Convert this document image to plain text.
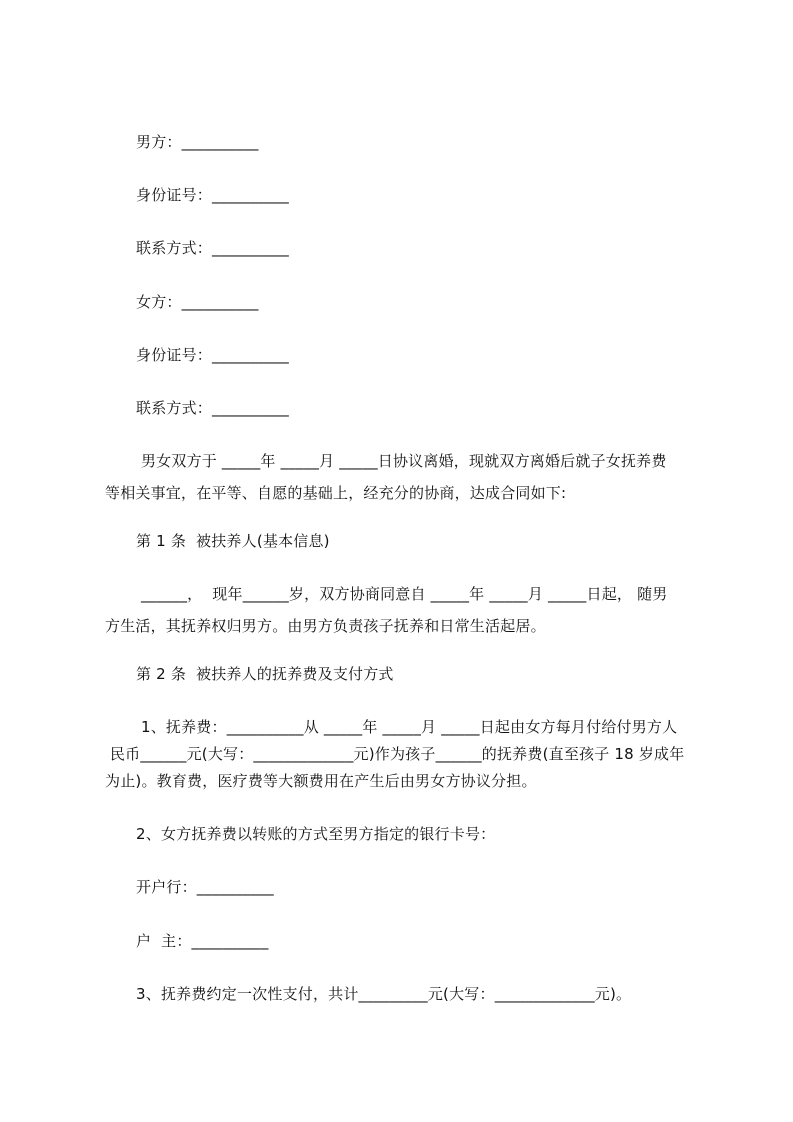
男方：__________
身份证号：__________
联系方式：__________
女方：__________
身份证号：__________
联系方式：__________
男女双方于 _____年 _____月 _____日协议离婚，现就双方离婚后就子女抚养费
等相关事宜，在平等、自愿的基础上，经充分的协商，达成合同如下:
第 1 条  被扶养人(基本信息)
______，  现年______岁，双方协商同意自 _____年 _____月 _____日起， 随男
方生活，其抚养权归男方。由男方负责孩子抚养和日常生活起居。
第 2 条  被扶养人的抚养费及支付方式
1、抚养费：__________从 _____年 _____月 _____日起由女方每月付给付男方人
民币______元(大写：_____________元)作为孩子______的抚养费(直至孩子 18 岁成年
为止)。教育费，医疗费等大额费用在产生后由男女方协议分担。
2、女方抚养费以转账的方式至男方指定的银行卡号：
开户行：__________
户  主：__________
3、抚养费约定一次性支付，共计_________元(大写：_____________元)。
